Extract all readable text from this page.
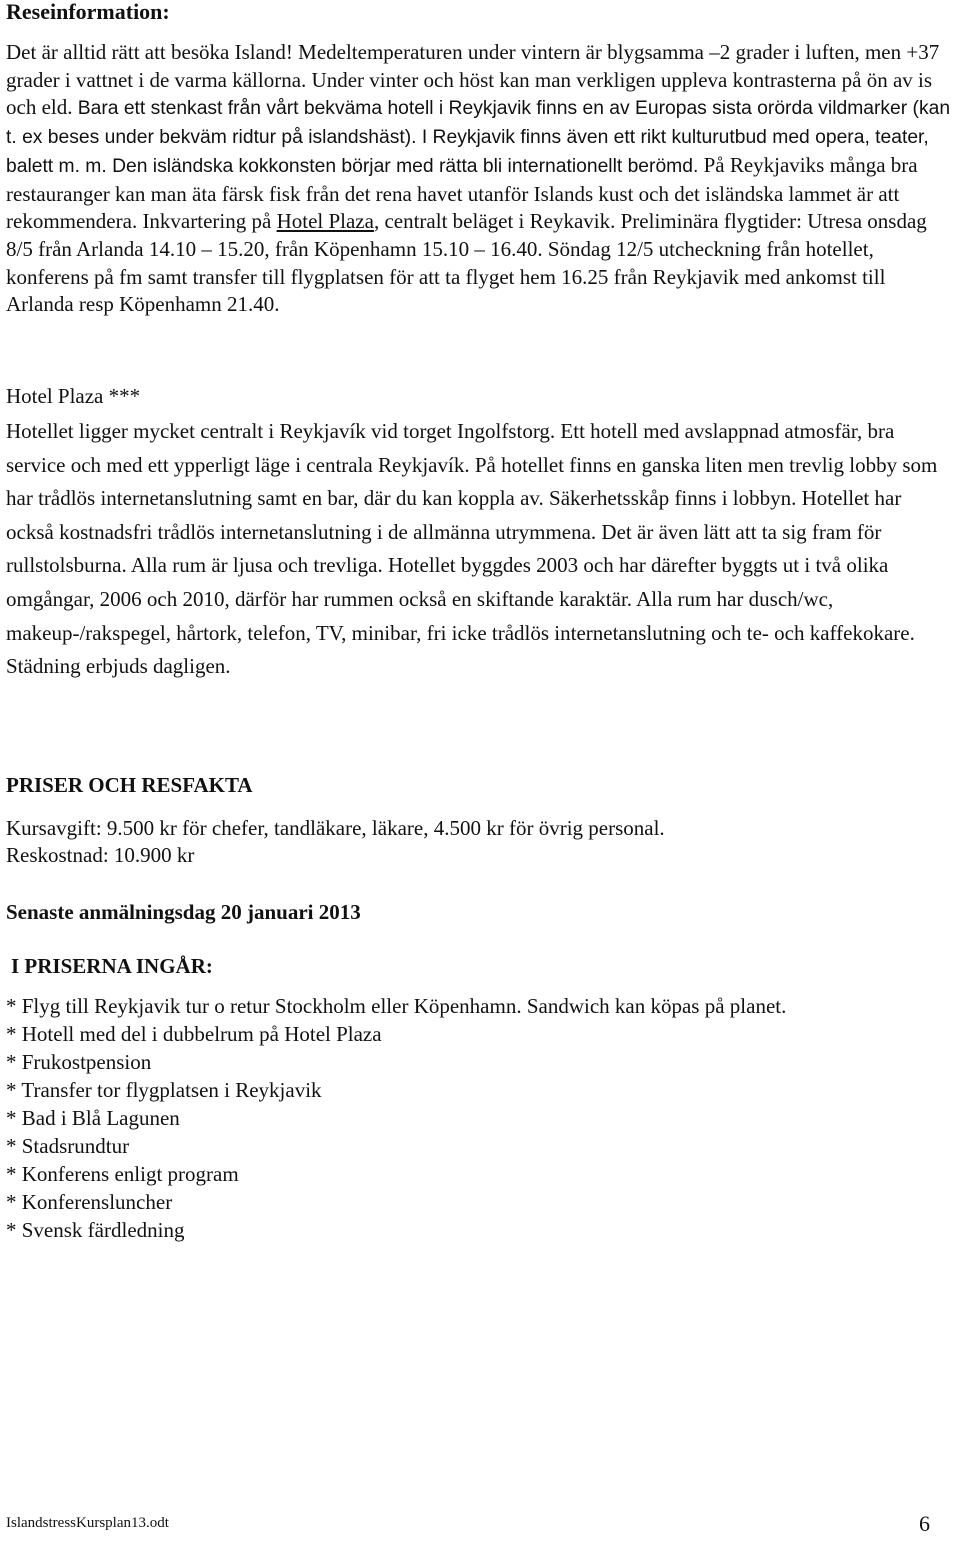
Reseinformation:
Det är alltid rätt att besöka Island! Medeltemperaturen under vintern är blygsamma –2 grader i luften, men +37 grader i vattnet i de varma källorna. Under vinter och höst kan man verkligen uppleva kontrasterna på ön av is och eld. Bara ett stenkast från vårt bekväma hotell i Reykjavik finns en av Europas sista orörda vildmarker (kan t. ex beses under bekväm ridtur på islandshäst). I Reykjavik finns även ett rikt kulturutbud med opera, teater, balett m. m. Den isländska kokkonsten börjar med rätta bli internationellt berömd. På Reykjaviks många bra restauranger kan man äta färsk fisk från det rena havet utanför Islands kust och det isländska lammet är att rekommendera. Inkvartering på Hotel Plaza, centralt beläget i Reykavik. Preliminära flygtider: Utresa onsdag 8/5 från Arlanda 14.10 – 15.20, från Köpenhamn 15.10 – 16.40. Söndag 12/5 utcheckning från hotellet, konferens på fm samt transfer till flygplatsen för att ta flyget hem 16.25 från Reykjavik med ankomst till Arlanda resp Köpenhamn 21.40.
Hotel Plaza ***
Hotellet ligger mycket centralt i Reykjavík vid torget Ingolfstorg. Ett hotell med avslappnad atmosfär, bra service och med ett ypperligt läge i centrala Reykjavík. På hotellet finns en ganska liten men trevlig lobby som har trådlös internetanslutning samt en bar, där du kan koppla av. Säkerhetsskåp finns i lobbyn. Hotellet har också kostnadsfri trådlös internetanslutning i de allmänna utrymmena. Det är även lätt att ta sig fram för rullstolsburna. Alla rum är ljusa och trevliga. Hotellet byggdes 2003 och har därefter byggts ut i två olika omgångar, 2006 och 2010, därför har rummen också en skiftande karaktär. Alla rum har dusch/wc, makeup-/rakspegel, hårtork, telefon, TV, minibar, fri icke trådlös internetanslutning och te- och kaffekokare. Städning erbjuds dagligen.
PRISER OCH RESFAKTA
Kursavgift: 9.500 kr för chefer, tandläkare, läkare, 4.500 kr för övrig personal.
Reskostnad: 10.900 kr
Senaste anmälningsdag 20 januari 2013
I PRISERNA INGÅR:
* Flyg till Reykjavik tur o retur Stockholm eller Köpenhamn. Sandwich kan köpas på planet.
* Hotell med del i dubbelrum på Hotel Plaza
* Frukostpension
* Transfer tor flygplatsen i Reykjavik
* Bad i Blå Lagunen
* Stadsrundtur
* Konferens enligt program
* Konferensluncher
* Svensk färdledning
IslandstressKursplan13.odt	6
